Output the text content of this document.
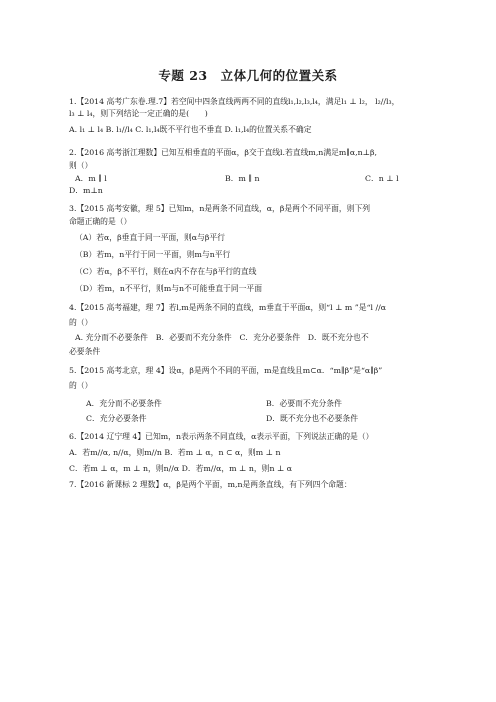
专题 23　立体几何的位置关系
1.【2014 高考广东卷.理.7】若空间中四条直线两两不同的直线l₁,l₂,l₃,l₄，满足l₁ ⊥ l₂， l₂//l₃，
l₃ ⊥ l₄，则下列结论一定正确的是(　　)
A. l₁ ⊥ l₄ B. l₁//l₄ C. l₁,l₄既不平行也不垂直 D. l₁,l₄的位置关系不确定
2.【2016 高考浙江理数】已知互相垂直的平面α，β交于直线l.若直线m,n满足m∥α,n⊥β,
则（）
A．m ∥ l	B．m ∥ n	C．n ⊥ l
D．m⊥n
3.【2015 高考安徽，理 5】已知m，n是两条不同直线，α，β是两个不同平面，则下列
命题正确的是（）
（A）若α，β垂直于同一平面，则α与β平行
（B）若m，n平行于同一平面，则m与n平行
（C）若α，β不平行，则在α内不存在与β平行的直线
（D）若m，n不平行，则m与n不可能垂直于同一平面
4.【2015 高考福建，理 7】若l,m是两条不同的直线，m垂直于平面α，则“l ⊥ m ”是“l //α
的（）
A. 充分而不必要条件　B．必要而不充分条件　C．充分必要条件　D．既不充分也不
必要条件
5.【2015 高考北京，理 4】设α，β是两个不同的平面，m是直线且m⊂α．“m∥β”是“α∥β”
的（）
A．充分而不必要条件	B．必要而不充分条件
C．充分必要条件	D．既不充分也不必要条件
6.【2014 辽宁理 4】已知m，n表示两条不同直线，α表示平面，下列说法正确的是（）
A．若m//α, n//α，则m//n B．若m ⊥ α，n ⊂ α，则m ⊥ n
C．若m ⊥ α，m ⊥ n，则n//α D．若m//α，m ⊥ n，则n ⊥ α
7.【2016 新课标 2 理数】α，β是两个平面，m,n是两条直线，有下列四个命题：
